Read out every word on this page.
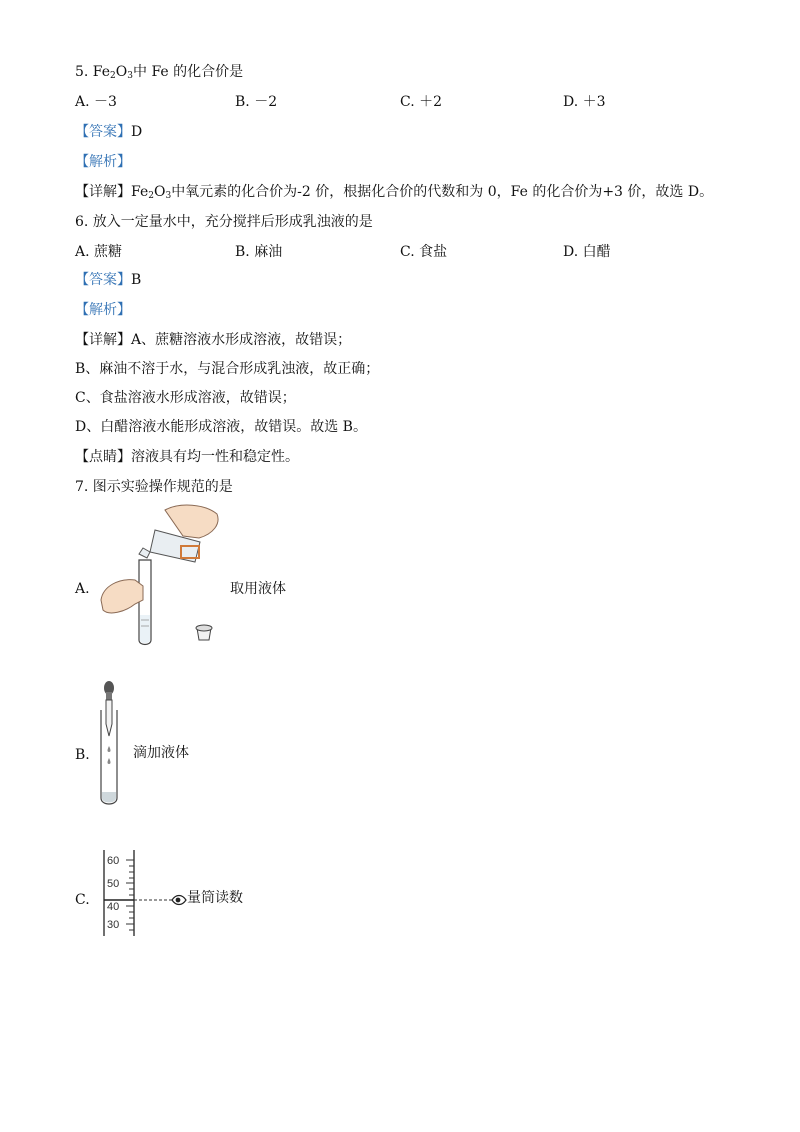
5. $Fe_2O_3$中 Fe 的化合价是
A. －3	B. －2	C. ＋2	D. ＋3
【答案】D
【解析】
【详解】$Fe_2O_3$中氧元素的化合价为-2 价，根据化合价的代数和为 0，Fe 的化合价为+3 价，故选 D。
6. 放入一定量水中，充分搅拌后形成乳浊液的是
A. 蔗糖	B. 麻油	C. 食盐	D. 白醋
【答案】B
【解析】
【详解】A、蔗糖溶液水形成溶液，故错误；
B、麻油不溶于水，与混合形成乳浊液，故正确；
C、食盐溶液水形成溶液，故错误；
D、白醋溶液水能形成溶液，故错误。故选 B。
【点睛】溶液具有均一性和稳定性。
7. 图示实验操作规范的是
A.	取用液体
B.	滴加液体
C.
60
50
40
30
量筒读数
